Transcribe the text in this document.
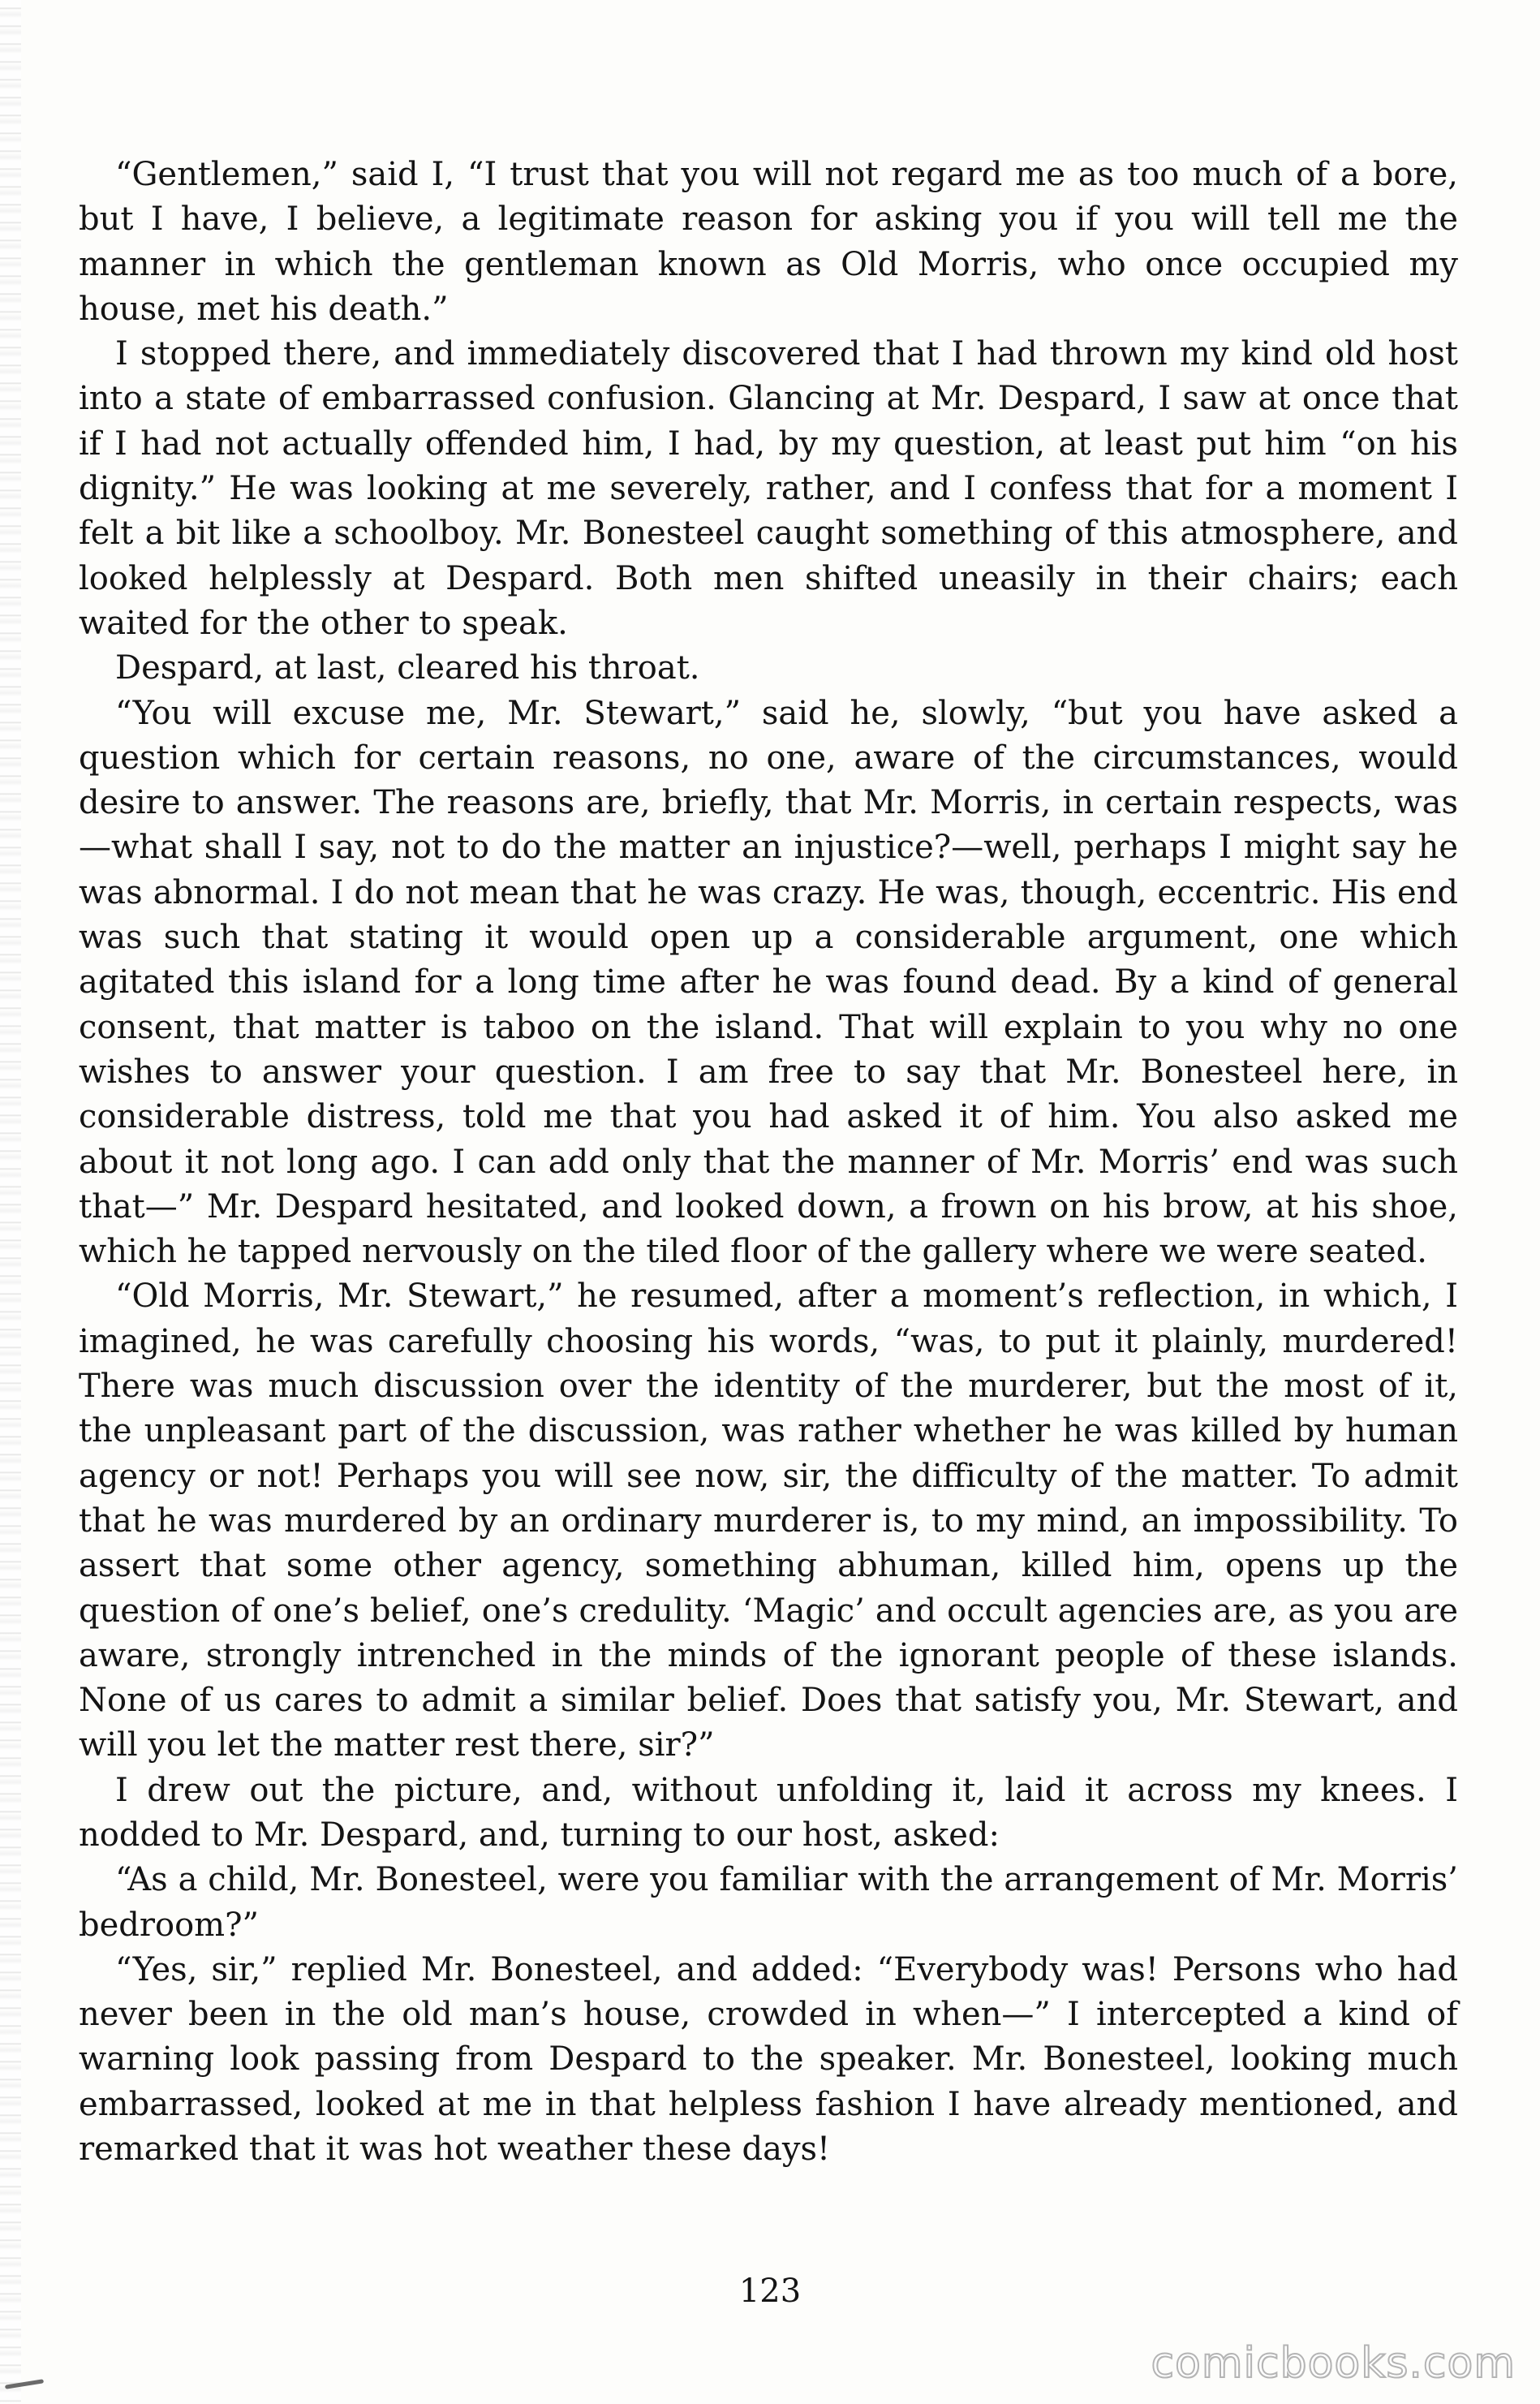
“Gentlemen,” said I, “I trust that you will not regard me as too much of a bore, but I have, I believe, a legitimate reason for asking you if you will tell me the manner in which the gentleman known as Old Morris, who once occupied my house, met his death.”

I stopped there, and immediately discovered that I had thrown my kind old host into a state of embarrassed confusion. Glancing at Mr. Despard, I saw at once that if I had not actually offended him, I had, by my question, at least put him “on his dignity.” He was looking at me severely, rather, and I confess that for a moment I felt a bit like a schoolboy. Mr. Bonesteel caught something of this atmosphere, and looked helplessly at Despard. Both men shifted uneasily in their chairs; each waited for the other to speak.

Despard, at last, cleared his throat.

“You will excuse me, Mr. Stewart,” said he, slowly, “but you have asked a question which for certain reasons, no one, aware of the circumstances, would desire to answer. The reasons are, briefly, that Mr. Morris, in certain respects, was—what shall I say, not to do the matter an injustice?—well, perhaps I might say he was abnormal. I do not mean that he was crazy. He was, though, eccentric. His end was such that stating it would open up a considerable argument, one which agitated this island for a long time after he was found dead. By a kind of general consent, that matter is taboo on the island. That will explain to you why no one wishes to answer your question. I am free to say that Mr. Bonesteel here, in considerable distress, told me that you had asked it of him. You also asked me about it not long ago. I can add only that the manner of Mr. Morris’ end was such that—” Mr. Despard hesitated, and looked down, a frown on his brow, at his shoe, which he tapped nervously on the tiled floor of the gallery where we were seated.

“Old Morris, Mr. Stewart,” he resumed, after a moment’s reflection, in which, I imagined, he was carefully choosing his words, “was, to put it plainly, murdered! There was much discussion over the identity of the murderer, but the most of it, the unpleasant part of the discussion, was rather whether he was killed by human agency or not! Perhaps you will see now, sir, the difficulty of the matter. To admit that he was murdered by an ordinary murderer is, to my mind, an impossibility. To assert that some other agency, something abhuman, killed him, opens up the question of one’s belief, one’s credulity. ‘Magic’ and occult agencies are, as you are aware, strongly intrenched in the minds of the ignorant people of these islands. None of us cares to admit a similar belief. Does that satisfy you, Mr. Stewart, and will you let the matter rest there, sir?”

I drew out the picture, and, without unfolding it, laid it across my knees. I nodded to Mr. Despard, and, turning to our host, asked:

“As a child, Mr. Bonesteel, were you familiar with the arrangement of Mr. Morris’ bedroom?”

“Yes, sir,” replied Mr. Bonesteel, and added: “Everybody was! Persons who had never been in the old man’s house, crowded in when—” I intercepted a kind of warning look passing from Despard to the speaker. Mr. Bonesteel, looking much embarrassed, looked at me in that helpless fashion I have already mentioned, and remarked that it was hot weather these days!

123
comicbooks.com
